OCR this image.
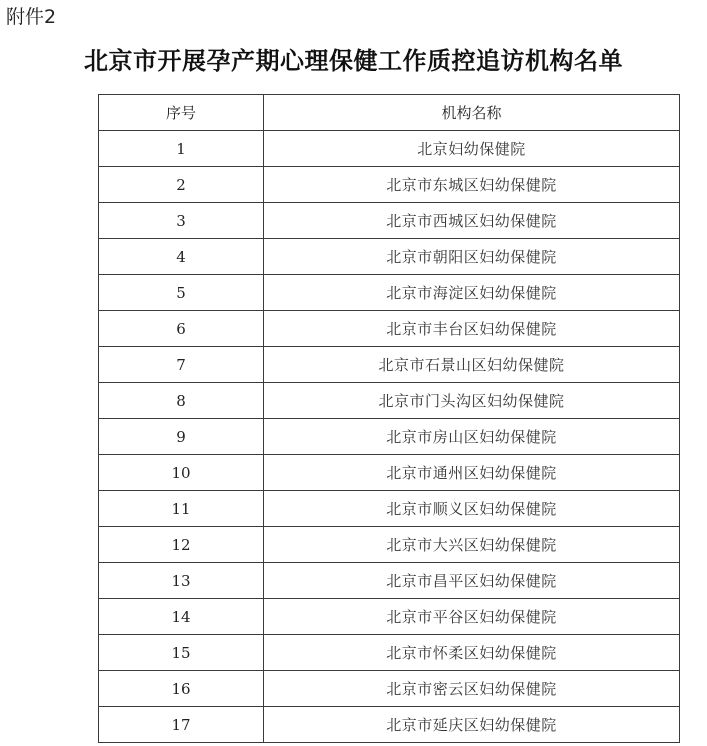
附件2
北京市开展孕产期心理保健工作质控追访机构名单
序号	机构名称
1	北京妇幼保健院
2	北京市东城区妇幼保健院
3	北京市西城区妇幼保健院
4	北京市朝阳区妇幼保健院
5	北京市海淀区妇幼保健院
6	北京市丰台区妇幼保健院
7	北京市石景山区妇幼保健院
8	北京市门头沟区妇幼保健院
9	北京市房山区妇幼保健院
10	北京市通州区妇幼保健院
11	北京市顺义区妇幼保健院
12	北京市大兴区妇幼保健院
13	北京市昌平区妇幼保健院
14	北京市平谷区妇幼保健院
15	北京市怀柔区妇幼保健院
16	北京市密云区妇幼保健院
17	北京市延庆区妇幼保健院
